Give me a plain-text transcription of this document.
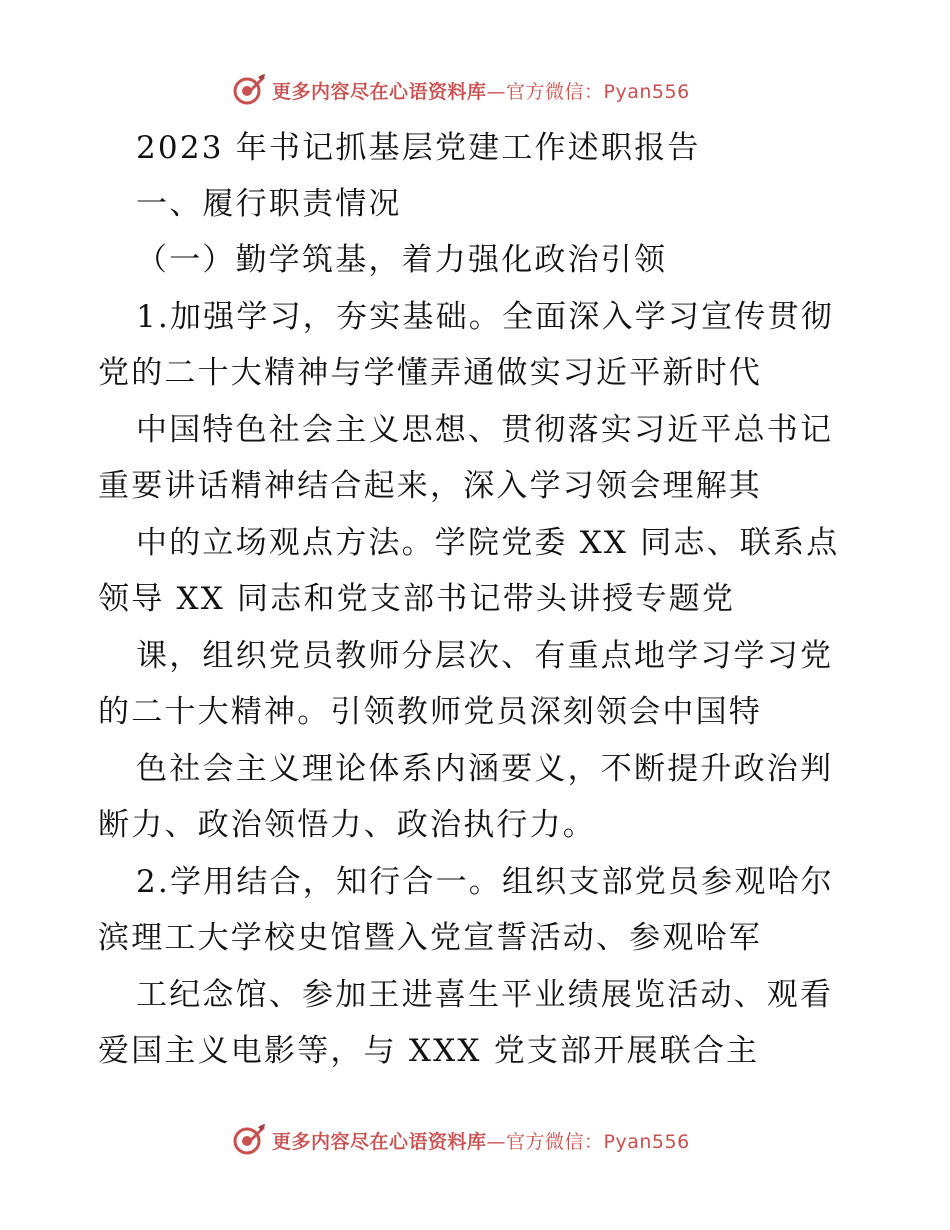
更多内容尽在心语资料库—官方微信：Pyan556
2023 年书记抓基层党建工作述职报告
一、履行职责情况
（一）勤学筑基，着力强化政治引领
1.加强学习，夯实基础。全面深入学习宣传贯彻
党的二十大精神与学懂弄通做实习近平新时代
中国特色社会主义思想、贯彻落实习近平总书记
重要讲话精神结合起来，深入学习领会理解其
中的立场观点方法。学院党委 XX 同志、联系点
领导 XX 同志和党支部书记带头讲授专题党
课，组织党员教师分层次、有重点地学习学习党
的二十大精神。引领教师党员深刻领会中国特
色社会主义理论体系内涵要义，不断提升政治判
断力、政治领悟力、政治执行力。
2.学用结合，知行合一。组织支部党员参观哈尔
滨理工大学校史馆暨入党宣誓活动、参观哈军
工纪念馆、参加王进喜生平业绩展览活动、观看
爱国主义电影等，与 XXX 党支部开展联合主
更多内容尽在心语资料库—官方微信：Pyan556
